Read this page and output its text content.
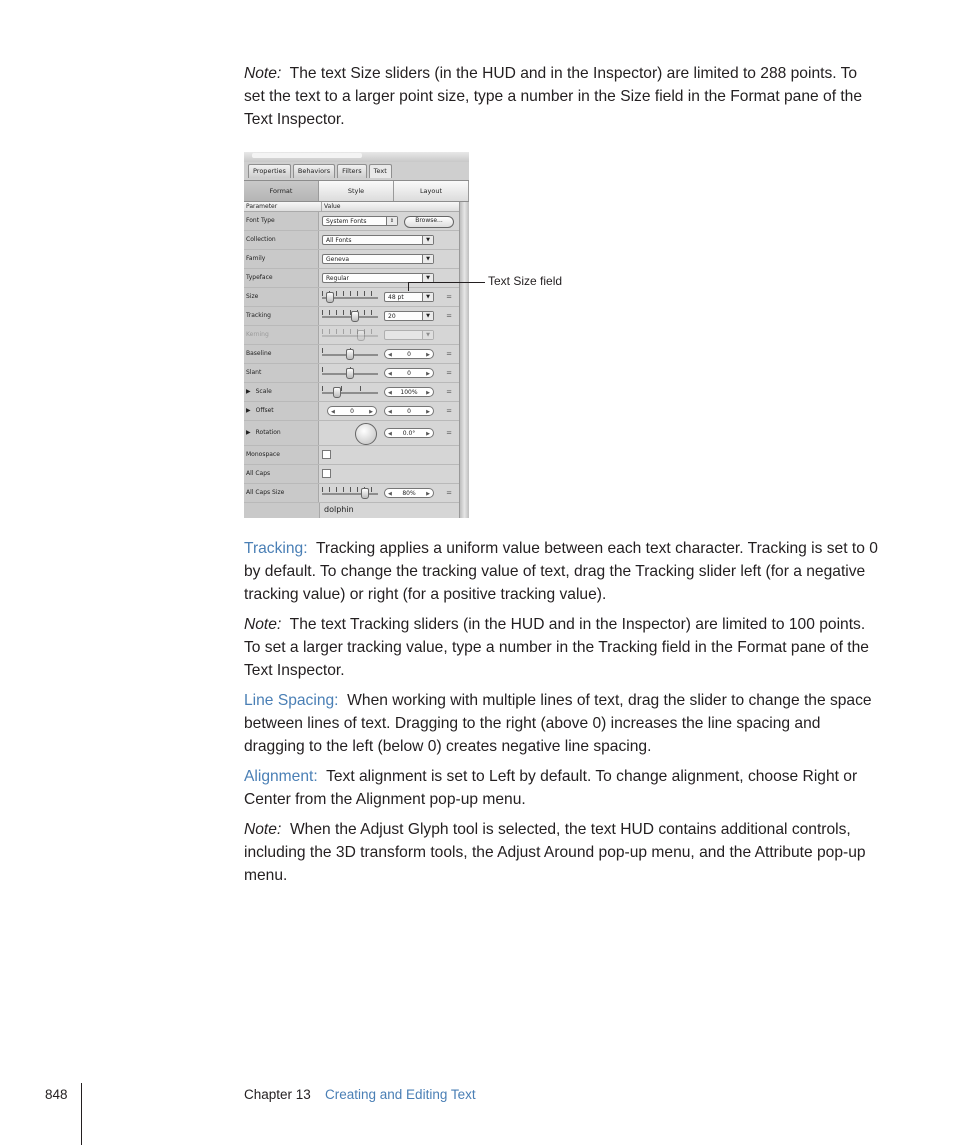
Note: The text Size sliders (in the HUD and in the Inspector) are limited to 288 points. To set the text to a larger point size, type a number in the Size field in the Format pane of the Text Inspector.

Properties	Behaviors	Filters	Text
Format	Style	Layout
Parameter	Value
Font Type	System Fonts	⇕	Browse...
Collection	All Fonts	▼
Family	Geneva	▼
Typeface	Regular	▼
Size	48 pt	▼	=
Tracking	20	▼	=
Kerning	▼
Baseline	◀	0	▶ =
Slant	◀	0	▶ =
▶ Scale	◀ 100% ▶ =
▶ Offset	◀	0	▶	◀	0	▶ =
▶ Rotation	◀ 0.0° ▶ =
Monospace
All Caps
All Caps Size	◀ 80% ▶ =
dolphin
Text Size field

Tracking: Tracking applies a uniform value between each text character. Tracking is set to 0 by default. To change the tracking value of text, drag the Tracking slider left (for a negative tracking value) or right (for a positive tracking value).

Note: The text Tracking sliders (in the HUD and in the Inspector) are limited to 100 points. To set a larger tracking value, type a number in the Tracking field in the Format pane of the Text Inspector.

Line Spacing: When working with multiple lines of text, drag the slider to change the space between lines of text. Dragging to the right (above 0) increases the line spacing and dragging to the left (below 0) creates negative line spacing.

Alignment: Text alignment is set to Left by default. To change alignment, choose Right or Center from the Alignment pop-up menu.

Note: When the Adjust Glyph tool is selected, the text HUD contains additional controls, including the 3D transform tools, the Adjust Around pop-up menu, and the Attribute pop-up menu.

848	Chapter 13 Creating and Editing Text
